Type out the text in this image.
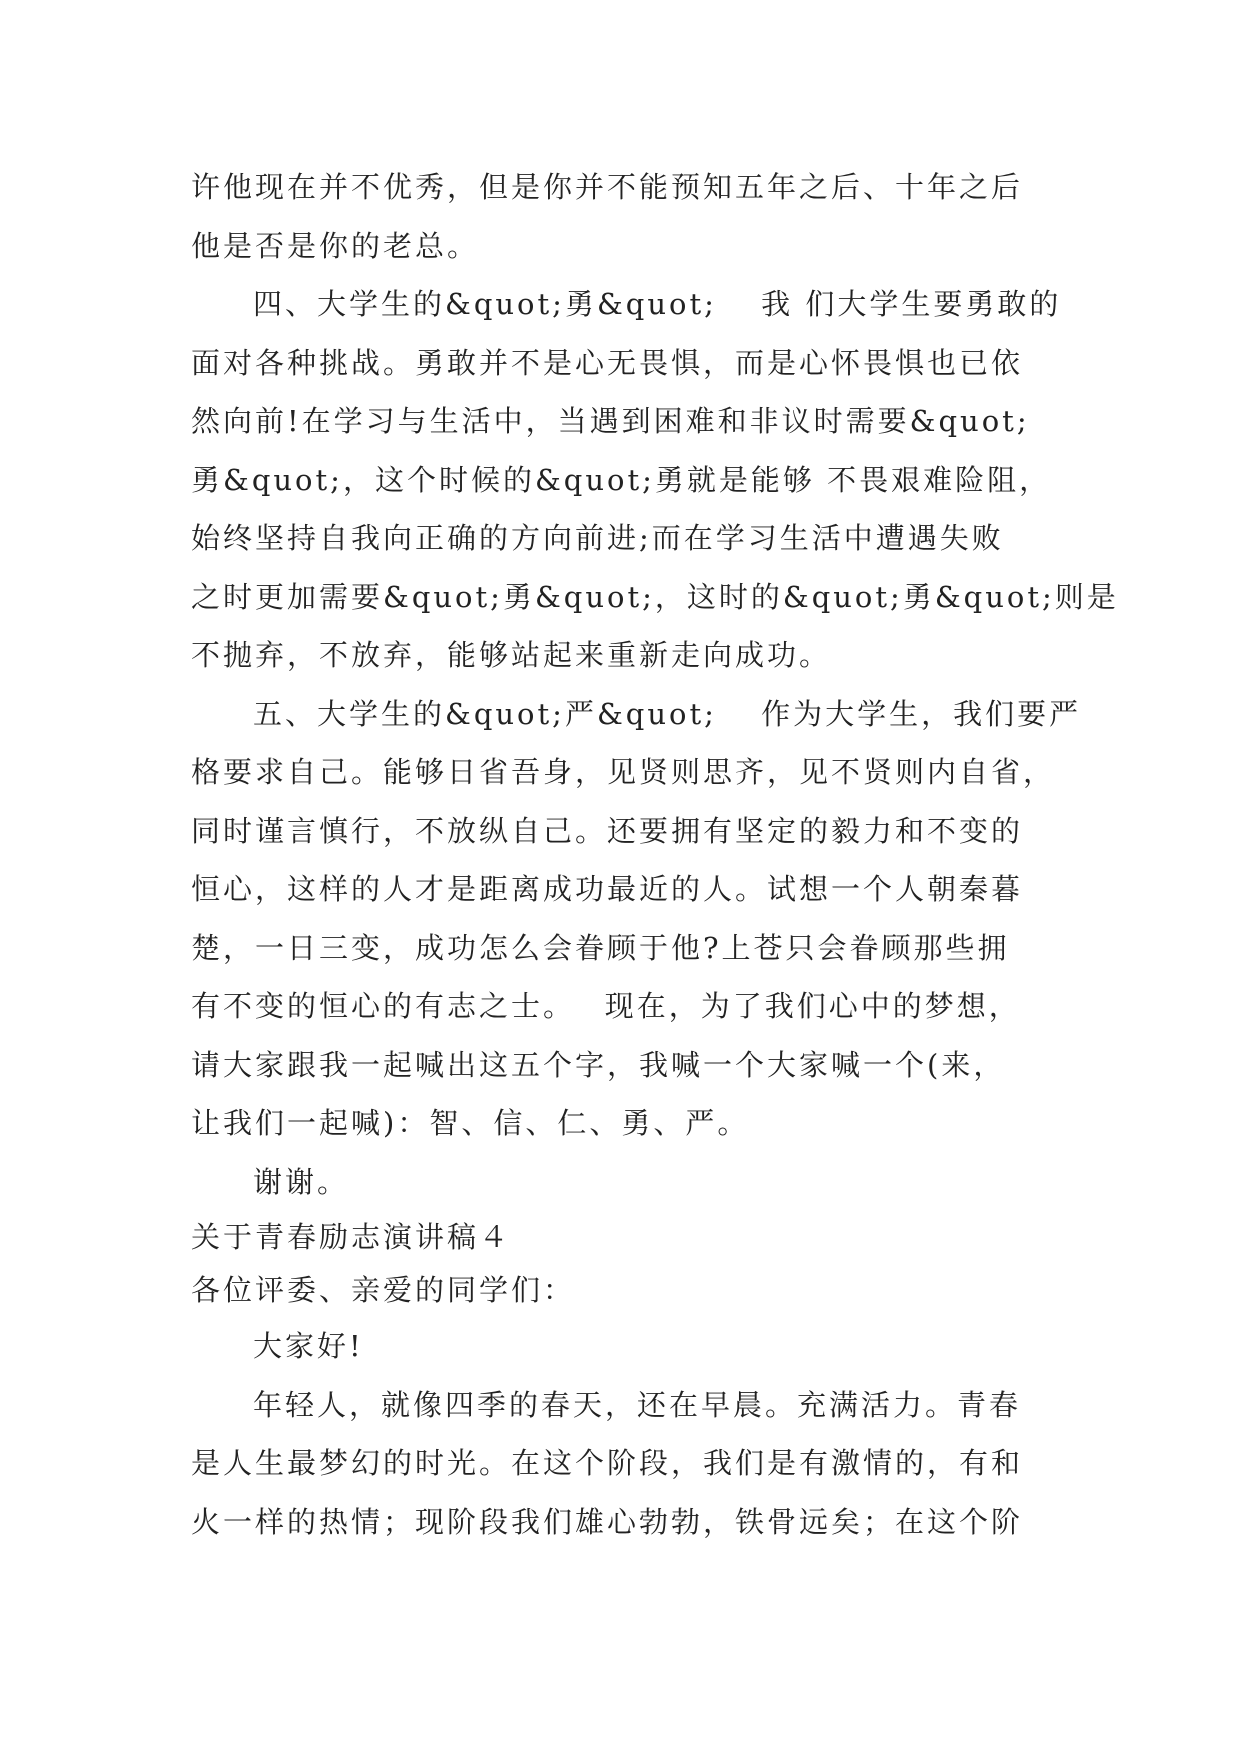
许他现在并不优秀，但是你并不能预知五年之后、十年之后
他是否是你的老总。
四、大学生的&quot;勇&quot;　 我 们大学生要勇敢的
面对各种挑战。勇敢并不是心无畏惧，而是心怀畏惧也已依
然向前!在学习与生活中，当遇到困难和非议时需要&quot;
勇&quot;，这个时候的&quot;勇就是能够 不畏艰难险阻，
始终坚持自我向正确的方向前进;而在学习生活中遭遇失败
之时更加需要&quot;勇&quot;，这时的&quot;勇&quot;则是
不抛弃，不放弃，能够站起来重新走向成功。
五、大学生的&quot;严&quot;　 作为大学生，我们要严
格要求自己。能够日省吾身，见贤则思齐，见不贤则内自省，
同时谨言慎行，不放纵自己。还要拥有坚定的毅力和不变的
恒心，这样的人才是距离成功最近的人。试想一个人朝秦暮
楚，一日三变，成功怎么会眷顾于他?上苍只会眷顾那些拥
有不变的恒心的有志之士。　 现在，为了我们心中的梦想，
请大家跟我一起喊出这五个字，我喊一个大家喊一个(来，
让我们一起喊)：智、信、仁、勇、严。
谢谢。
关于青春励志演讲稿４
各位评委、亲爱的同学们：
大家好!
年轻人，就像四季的春天，还在早晨。充满活力。青春
是人生最梦幻的时光。在这个阶段，我们是有激情的，有和
火一样的热情；现阶段我们雄心勃勃，铁骨远矣；在这个阶
